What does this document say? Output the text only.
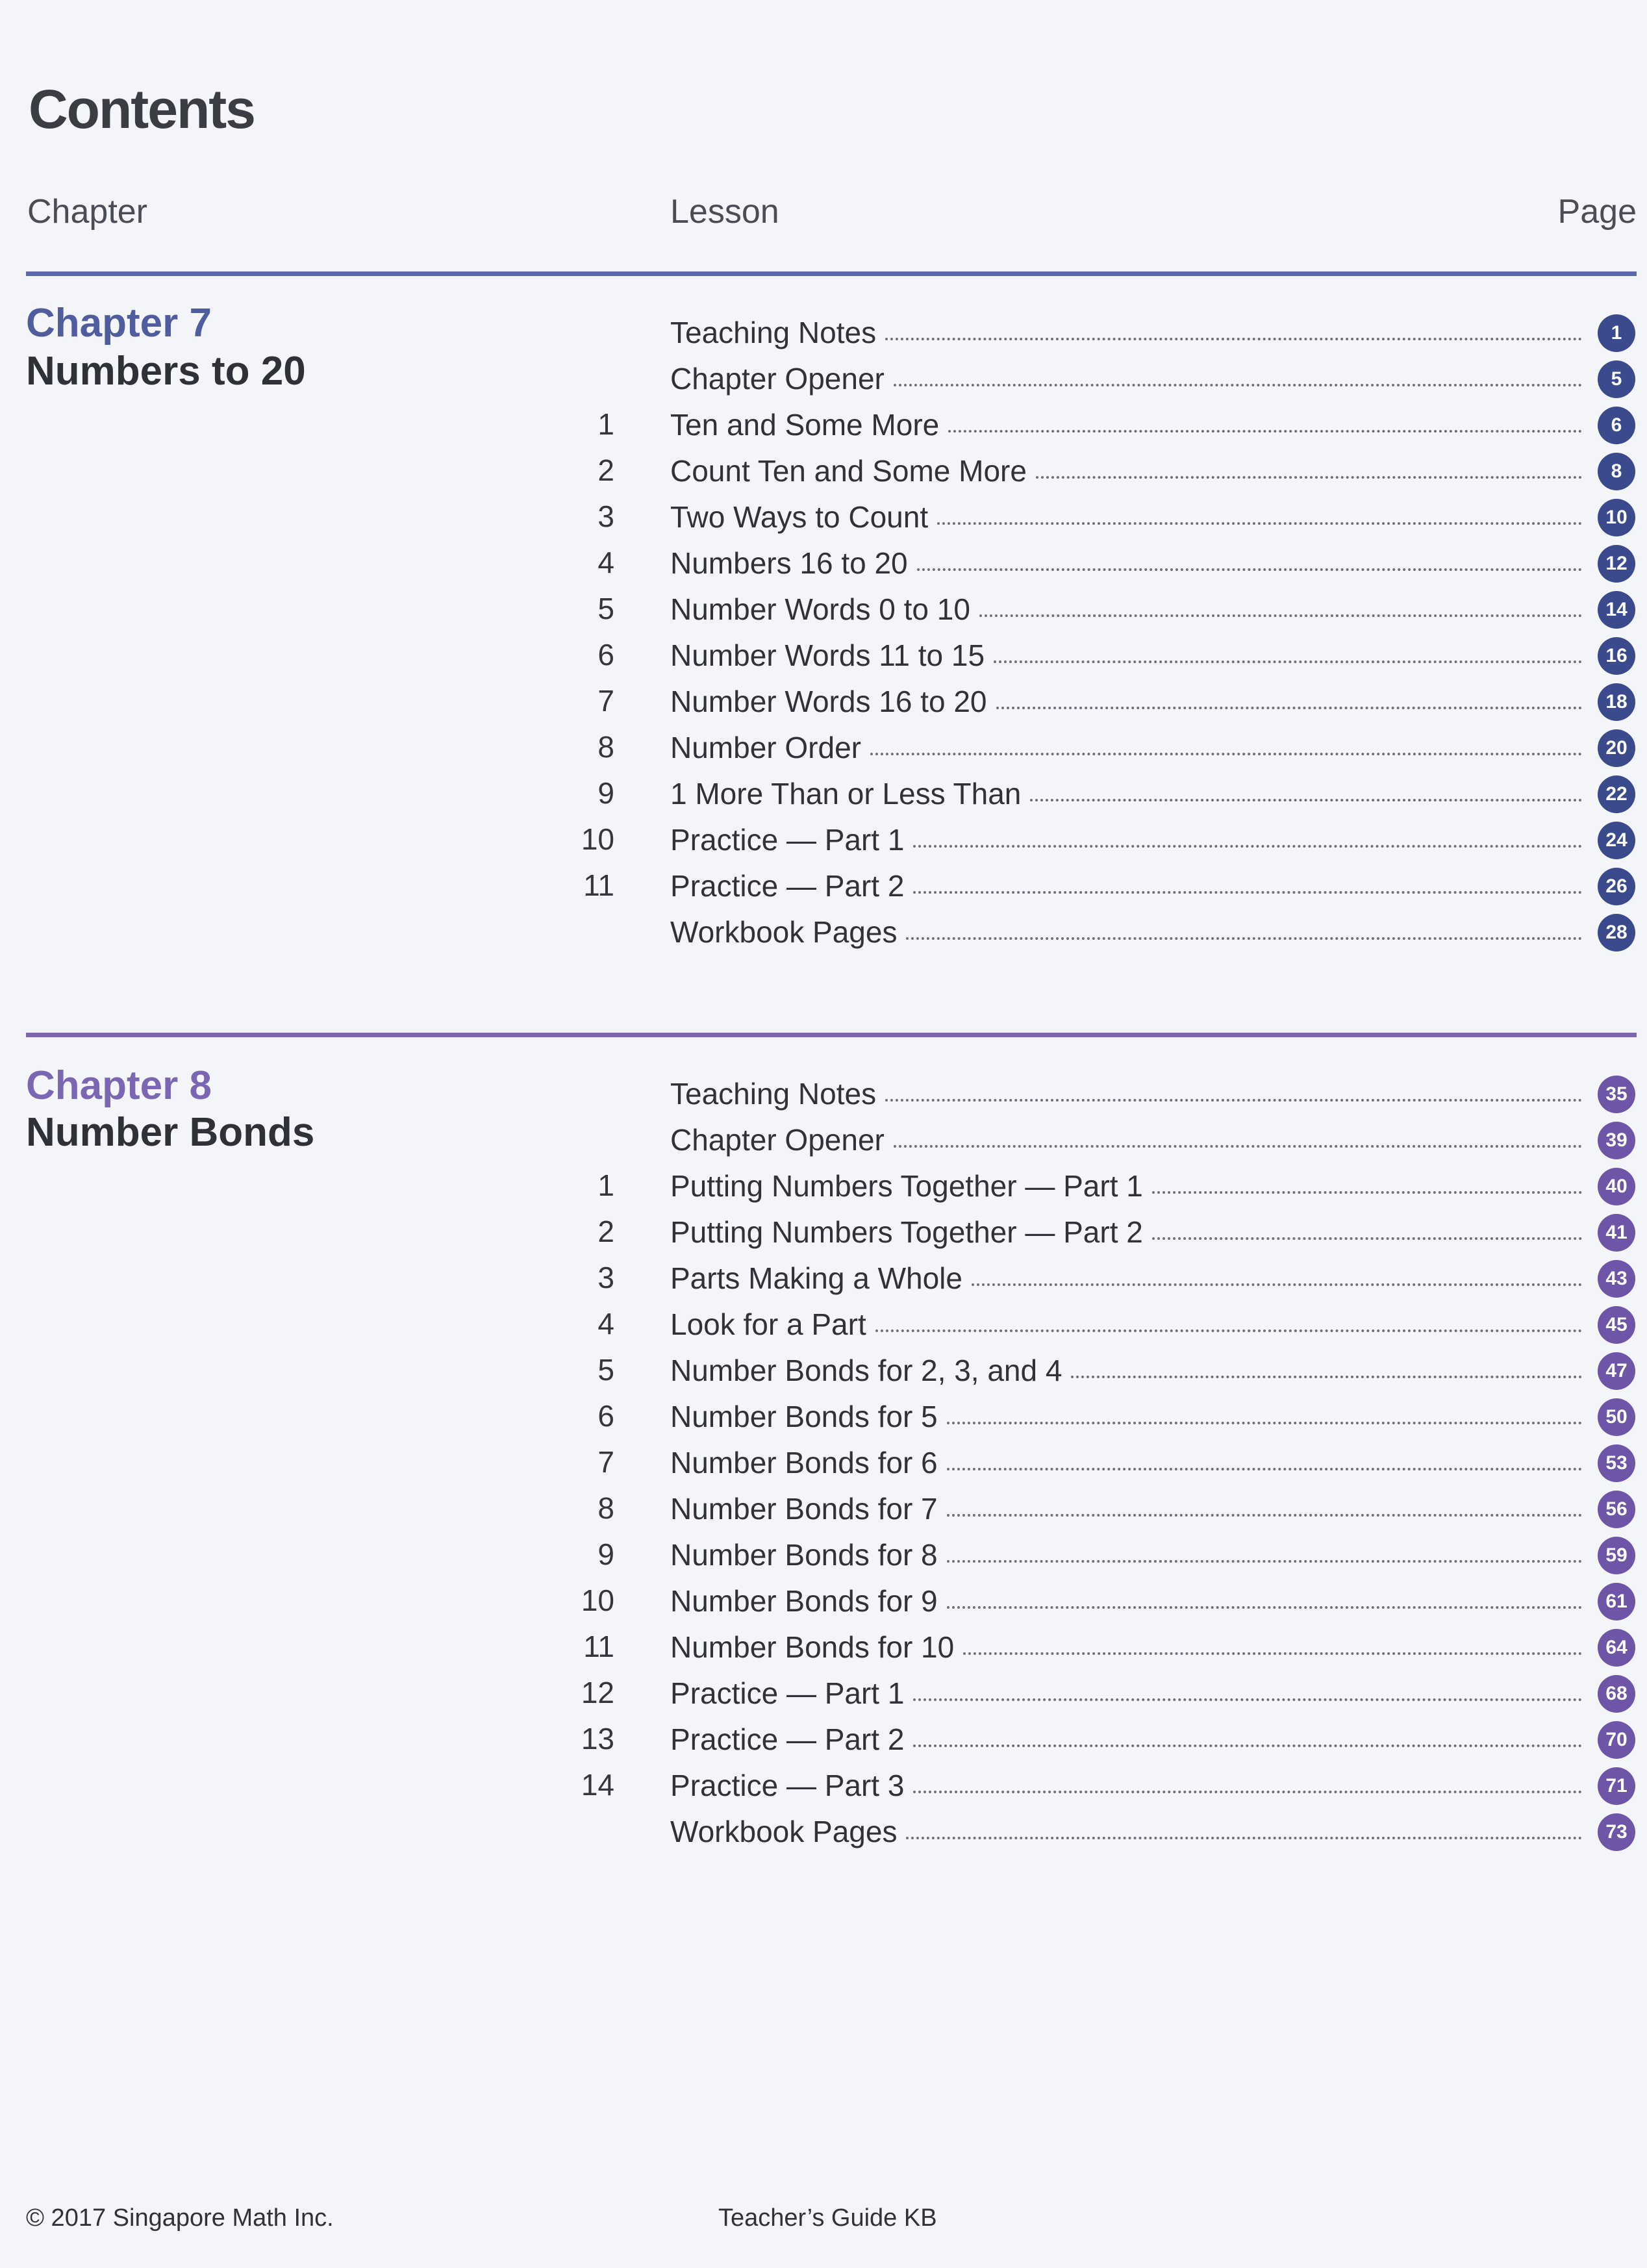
Contents
Chapter	Lesson	Page
Chapter 7
Numbers to 20
Teaching Notes	1
Chapter Opener	5
1 Ten and Some More	6
2 Count Ten and Some More	8
3 Two Ways to Count	10
4 Numbers 16 to 20	12
5 Number Words 0 to 10	14
6 Number Words 11 to 15	16
7 Number Words 16 to 20	18
8 Number Order	20
9 1 More Than or Less Than	22
10 Practice — Part 1	24
11 Practice — Part 2	26
Workbook Pages	28
Chapter 8
Number Bonds
Teaching Notes	35
Chapter Opener	39
1 Putting Numbers Together — Part 1	40
2 Putting Numbers Together — Part 2	41
3 Parts Making a Whole	43
4 Look for a Part	45
5 Number Bonds for 2, 3, and 4	47
6 Number Bonds for 5	50
7 Number Bonds for 6	53
8 Number Bonds for 7	56
9 Number Bonds for 8	59
10 Number Bonds for 9	61
11 Number Bonds for 10	64
12 Practice — Part 1	68
13 Practice — Part 2	70
14 Practice — Part 3	71
Workbook Pages	73
© 2017 Singapore Math Inc.	Teacher’s Guide KB
